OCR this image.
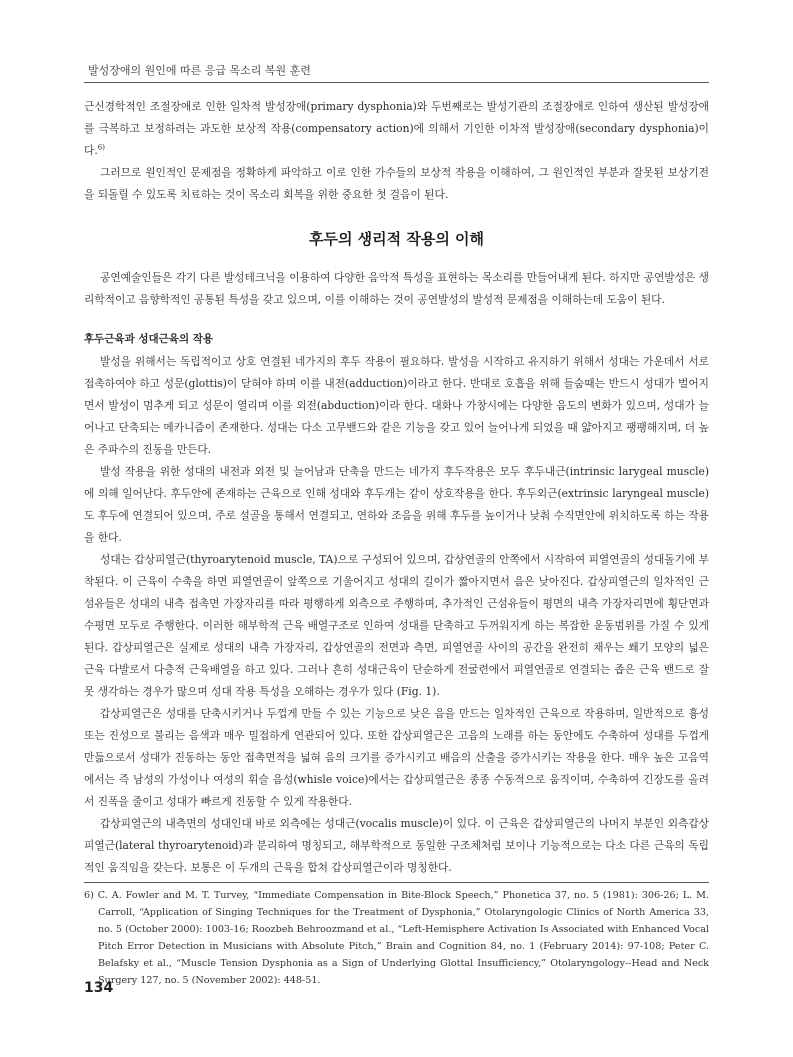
발성장애의 원인에 따른 응급 목소리 복원 훈련

근신경학적인 조절장애로 인한 일차적 발성장애(primary dysphonia)와 두번째로는 발성기관의 조절장애로 인하여 생산된 발성장애를 극복하고 보정하려는 과도한 보상적 작용(compensatory action)에 의해서 기인한 이차적 발성장애(secondary dysphonia)이다.$^{6)}$

그러므로 원인적인 문제점을 정확하게 파악하고 이로 인한 가수들의 보상적 작용을 이해하여, 그 원인적인 부분과 잘못된 보상기전을 되돌릴 수 있도록 치료하는 것이 목소리 회복을 위한 중요한 첫 걸음이 된다.

후두의 생리적 작용의 이해

공연예술인들은 각기 다른 발성테크닉을 이용하여 다양한 음악적 특성을 표현하는 목소리를 만들어내게 된다. 하지만 공연발성은 생리학적이고 음향학적인 공통된 특성을 갖고 있으며, 이를 이해하는 것이 공연발성의 발성적 문제점을 이해하는데 도움이 된다.

후두근육과 성대근육의 작용

발성을 위해서는 독립적이고 상호 연결된 네가지의 후두 작용이 필요하다. 발성을 시작하고 유지하기 위해서 성대는 가운데서 서로 접촉하여야 하고 성문(glottis)이 닫혀야 하며 이를 내전(adduction)이라고 한다. 반대로 호흡을 위해 들숨때는 반드시 성대가 벌어지면서 발성이 멈추게 되고 성문이 열리며 이를 외전(abduction)이라 한다. 대화나 가창시에는 다양한 음도의 변화가 있으며, 성대가 늘어나고 단축되는 메카니즘이 존재한다. 성대는 다소 고무밴드와 같은 기능을 갖고 있어 늘어나게 되었을 때 얇아지고 팽팽해지며, 더 높은 주파수의 진동을 만든다.

발성 작용을 위한 성대의 내전과 외전 및 늘어남과 단축을 만드는 네가지 후두작용은 모두 후두내근(intrinsic larygeal muscle)에 의해 일어난다. 후두안에 존재하는 근육으로 인해 성대와 후두개는 같이 상호작용을 한다. 후두외근(extrinsic laryngeal muscle)도 후두에 연결되어 있으며, 주로 설골을 통해서 연결되고, 연하와 조음을 위해 후두를 높이거나 낮춰 수직면안에 위치하도록 하는 작용을 한다.

성대는 갑상피열근(thyroarytenoid muscle, TA)으로 구성되어 있으며, 갑상연골의 안쪽에서 시작하여 피열연골의 성대돌기에 부착된다. 이 근육이 수축을 하면 피열연골이 앞쪽으로 기울어지고 성대의 길이가 짧아지면서 음은 낮아진다. 갑상피열근의 일차적인 근섬유들은 성대의 내측 접촉면 가장자리를 따라 평행하게 외측으로 주행하며, 추가적인 근섬유들이 평면의 내측 가장자리면에 횡단면과 수평면 모두로 주행한다. 이러한 해부학적 근육 배열구조로 인하여 성대를 단축하고 두꺼워지게 하는 복잡한 운동범위를 가질 수 있게 된다. 갑상피열근은 실제로 성대의 내측 가장자리, 갑상연골의 전면과 측면, 피열연골 사이의 공간을 완전히 채우는 쐐기 모양의 넓은 근육 다발로서 다층적 근육배열을 하고 있다. 그러나 흔히 성대근육이 단순하게 전굴련에서 피열연골로 연결되는 좁은 근육 밴드로 잘못 생각하는 경우가 많으며 성대 작용 특성을 오해하는 경우가 있다 (Fig. 1).

갑상피열근은 성대를 단축시키거나 두껍게 만들 수 있는 기능으로 낮은 음을 만드는 일차적인 근육으로 작용하며, 일반적으로 흉성 또는 진성으로 불리는 음색과 매우 밀접하게 연관되어 있다. 또한 갑상피열근은 고음의 노래를 하는 동안에도 수축하여 성대를 두껍게 만듦으로서 성대가 진동하는 동안 접촉면적을 넓혀 음의 크기를 증가시키고 배음의 산출을 증가시키는 작용을 한다. 매우 높은 고음역에서는 즉 남성의 가성이나 여성의 휘슬 음성(whisle voice)에서는 갑상피열근은 종종 수동적으로 움직이며, 수축하여 긴장도를 올려서 진폭을 줄이고 성대가 빠르게 진동할 수 있게 작용한다.

갑상피열근의 내측면의 성대인대 바로 외측에는 성대근(vocalis muscle)이 있다. 이 근육은 갑상피열근의 나머지 부분인 외측갑상피열근(lateral thyroarytenoid)과 분리하여 명칭되고, 해부학적으로 동일한 구조체처럼 보이나 기능적으로는 다소 다른 근육의 독립적인 움직임을 갖는다. 보통은 이 두개의 근육을 합쳐 갑상피열근이라 명칭한다.

6) C. A. Fowler and M. T. Turvey, “Immediate Compensation in Bite-Block Speech,” Phonetica 37, no. 5 (1981): 306-26; L. M. Carroll, “Application of Singing Techniques for the Treatment of Dysphonia,” Otolaryngologic Clinics of North America 33, no. 5 (October 2000): 1003-16; Roozbeh Behroozmand et al., “Left-Hemisphere Activation Is Associated with Enhanced Vocal Pitch Error Detection in Musicians with Absolute Pitch,” Brain and Cognition 84, no. 1 (February 2014): 97-108; Peter C. Belafsky et al., “Muscle Tension Dysphonia as a Sign of Underlying Glottal Insufficiency,” Otolaryngology--Head and Neck Surgery 127, no. 5 (November 2002): 448-51.

134
